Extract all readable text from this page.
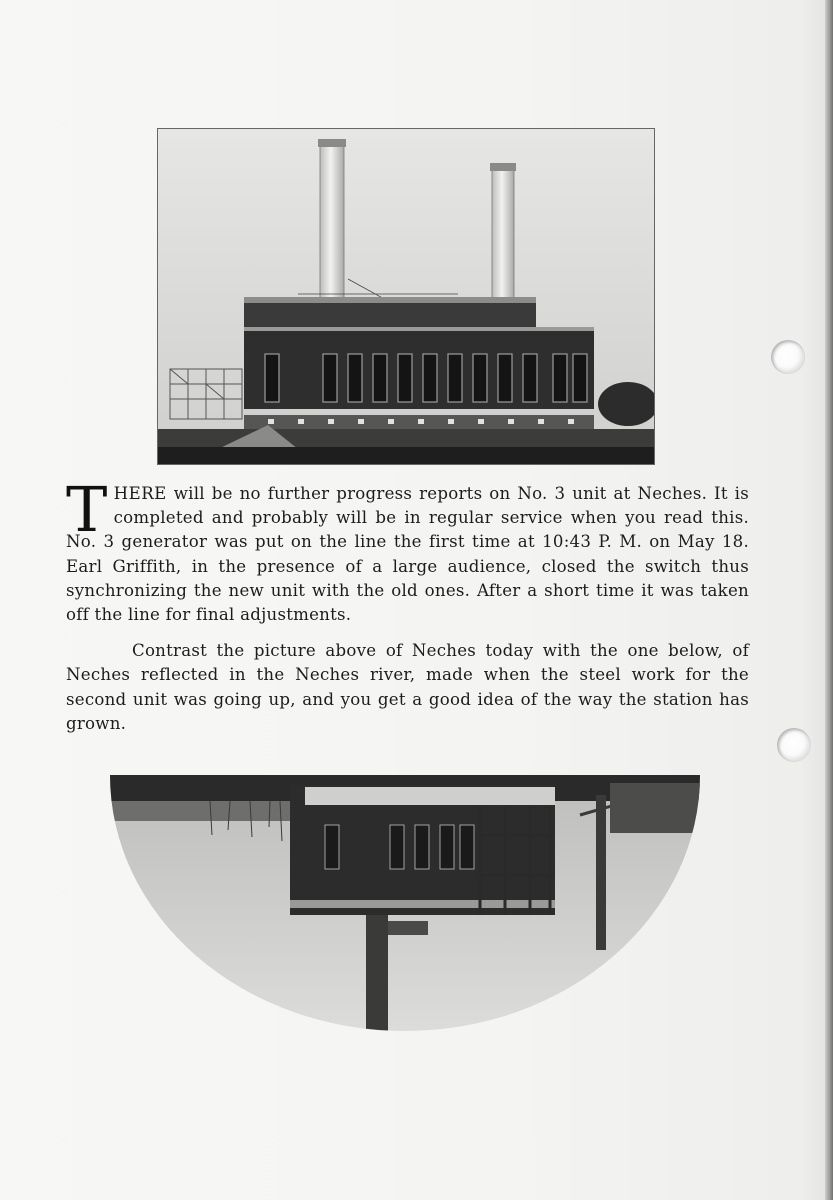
THERE will be no further progress reports on No. 3 unit at Neches. It is completed and probably will be in regular service when you read this. No. 3 generator was put on the line the first time at 10:43 P. M. on May 18. Earl Griffith, in the presence of a large audience, closed the switch thus synchronizing the new unit with the old ones. After a short time it was taken off the line for final adjustments.

Contrast the picture above of Neches today with the one below, of Neches reflected in the Neches river, made when the steel work for the second unit was going up, and you get a good idea of the way the station has grown.
